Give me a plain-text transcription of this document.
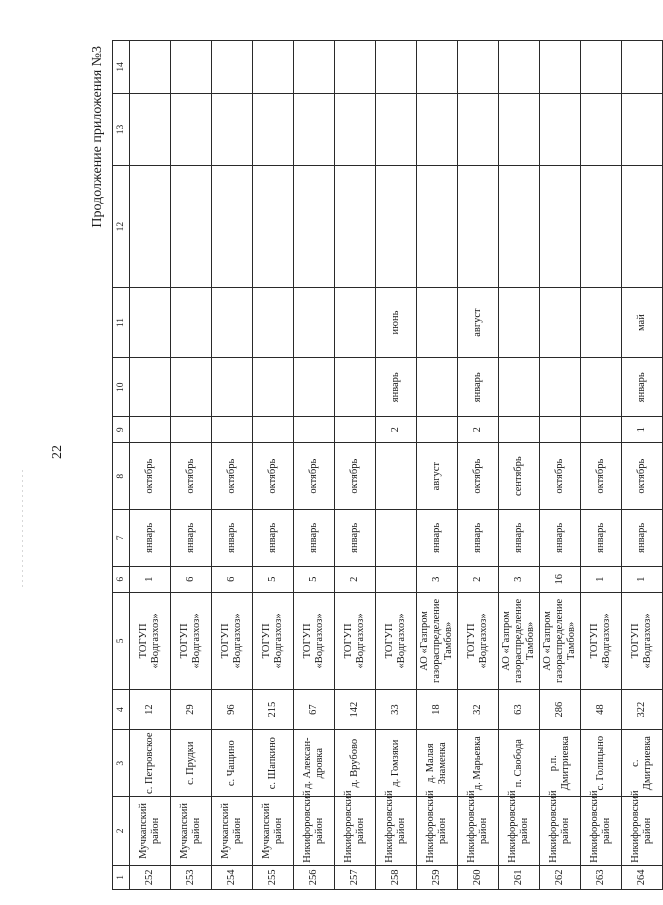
22
Продолжение приложения №3
1	2	3	4	5	6	7	8	9	10	11	12	13	14
252	Мучкапский район	с. Петровское	12	ТОГУП «Водгазхоз»	1	январь	октябрь						
253	Мучкапский район	с. Прудки	29	ТОГУП «Водгазхоз»	6	январь	октябрь						
254	Мучкапский район	с. Чащино	96	ТОГУП «Водгазхоз»	6	январь	октябрь						
255	Мучкапский район	с. Шапкино	215	ТОГУП «Водгазхоз»	5	январь	октябрь						
256	Никифоровский район	д. Алексан-дровка	67	ТОГУП «Водгазхоз»	5	январь	октябрь						
257	Никифоровский район	д. Врубово	142	ТОГУП «Водгазхоз»	2	январь	октябрь						
258	Никифоровский район	д. Гомзяки	33	ТОГУП «Водгазхоз»				2	январь	июнь			
259	Никифоровский район	д. Малая Знаменка	18	АО «Газпром газораспределение Тамбов»	3	январь	август						
260	Никифоровский район	д. Марьевка	32	ТОГУП «Водгазхоз»	2	январь	октябрь	2	январь	август			
261	Никифоровский район	п. Свобода	63	АО «Газпром газораспределение Тамбов»	3	январь	сентябрь						
262	Никифоровский район	р.п. Дмитриевка	286	АО «Газпром газораспределение Тамбов»	16	январь	октябрь						
263	Никифоровский район	с. Голицыно	48	ТОГУП «Водгазхоз»	1	январь	октябрь						
264	Никифоровский район	с. Дмитриевка	322	ТОГУП «Водгазхоз»	1	январь	октябрь	1	январь	май			
